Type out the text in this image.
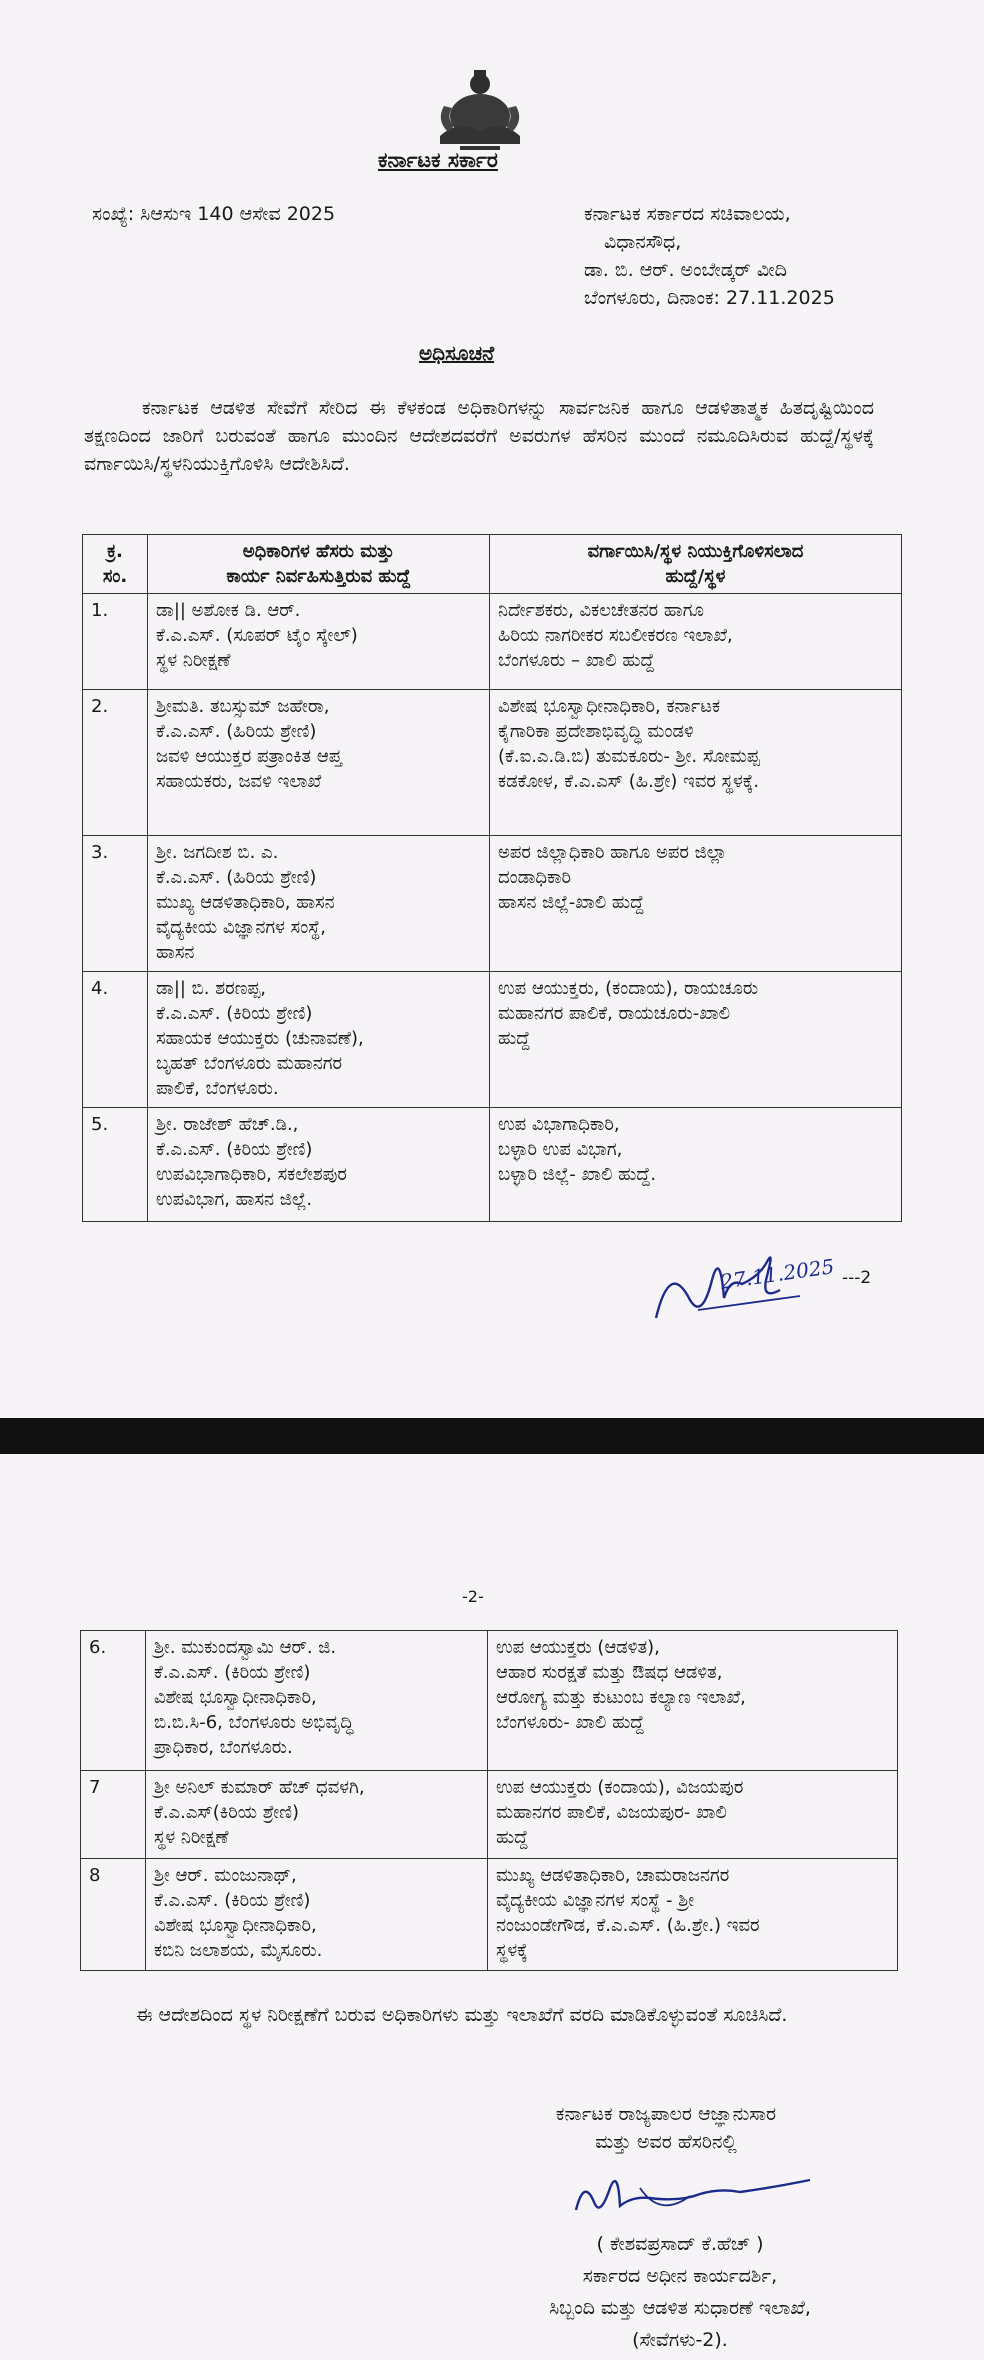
ಕರ್ನಾಟಕ ಸರ್ಕಾರ
ಸಂಖ್ಯೆ: ಸಿಆಸುಇ 140 ಆಸೇವ 2025	ಕರ್ನಾಟಕ ಸರ್ಕಾರದ ಸಚಿವಾಲಯ,
ವಿಧಾನಸೌಧ,
ಡಾ. ಬಿ. ಆರ್. ಅಂಬೇಡ್ಕರ್ ವೀದಿ
ಬೆಂಗಳೂರು, ದಿನಾಂಕ: 27.11.2025
ಅಧಿಸೂಚನೆ
ಕರ್ನಾಟಕ ಆಡಳಿತ ಸೇವೆಗೆ ಸೇರಿದ ಈ ಕೆಳಕಂಡ ಅಧಿಕಾರಿಗಳನ್ನು ಸಾರ್ವಜನಿಕ ಹಾಗೂ ಆಡಳಿತಾತ್ಮಕ ಹಿತದೃಷ್ಟಿಯಿಂದ ತಕ್ಷಣದಿಂದ ಜಾರಿಗೆ ಬರುವಂತೆ ಹಾಗೂ ಮುಂದಿನ ಆದೇಶದವರೆಗೆ ಅವರುಗಳ ಹೆಸರಿನ ಮುಂದೆ ನಮೂದಿಸಿರುವ ಹುದ್ದೆ/ಸ್ಥಳಕ್ಕೆ ವರ್ಗಾಯಿಸಿ/ಸ್ಥಳನಿಯುಕ್ತಿಗೊಳಿಸಿ ಆದೇಶಿಸಿದೆ.
ಕ್ರ.
ಸಂ.	ಅಧಿಕಾರಿಗಳ ಹೆಸರು ಮತ್ತು
ಕಾರ್ಯ ನಿರ್ವಹಿಸುತ್ತಿರುವ ಹುದ್ದೆ	ವರ್ಗಾಯಿಸಿ/ಸ್ಥಳ ನಿಯುಕ್ತಿಗೊಳಿಸಲಾದ
ಹುದ್ದೆ/ಸ್ಥಳ

1.	ಡಾ|| ಅಶೋಕ ಡಿ. ಆರ್.
ಕೆ.ಎ.ಎಸ್. (ಸೂಪರ್ ಟೈಂ ಸ್ಕೇಲ್)
ಸ್ಥಳ ನಿರೀಕ್ಷಣೆ	ನಿರ್ದೇಶಕರು, ವಿಕಲಚೇತನರ ಹಾಗೂ
ಹಿರಿಯ ನಾಗರೀಕರ ಸಬಲೀಕರಣ ಇಲಾಖೆ,
ಬೆಂಗಳೂರು – ಖಾಲಿ ಹುದ್ದೆ

2.	ಶ್ರೀಮತಿ. ತಬಸ್ಸುಮ್ ಜಹೇರಾ,
ಕೆ.ಎ.ಎಸ್. (ಹಿರಿಯ ಶ್ರೇಣಿ)
ಜವಳಿ ಆಯುಕ್ತರ ಪತ್ರಾಂಕಿತ ಆಪ್ತ
ಸಹಾಯಕರು, ಜವಳಿ ಇಲಾಖೆ	ವಿಶೇಷ ಭೂಸ್ವಾಧೀನಾಧಿಕಾರಿ, ಕರ್ನಾಟಕ
ಕೈಗಾರಿಕಾ ಪ್ರದೇಶಾಭಿವೃದ್ಧಿ ಮಂಡಳಿ
(ಕೆ.ಐ.ಎ.ಡಿ.ಬಿ) ತುಮಕೂರು- ಶ್ರೀ. ಸೋಮಪ್ಪ
ಕಡಕೋಳ, ಕೆ.ಎ.ಎಸ್ (ಹಿ.ಶ್ರೇ) ಇವರ ಸ್ಥಳಕ್ಕೆ.

3.	ಶ್ರೀ. ಜಗದೀಶ ಬಿ. ಎ.
ಕೆ.ಎ.ಎಸ್. (ಹಿರಿಯ ಶ್ರೇಣಿ)
ಮುಖ್ಯ ಆಡಳಿತಾಧಿಕಾರಿ, ಹಾಸನ
ವೈದ್ಯಕೀಯ ವಿಜ್ಞಾನಗಳ ಸಂಸ್ಥೆ,
ಹಾಸನ	ಅಪರ ಜಿಲ್ಲಾಧಿಕಾರಿ ಹಾಗೂ ಅಪರ ಜಿಲ್ಲಾ
ದಂಡಾಧಿಕಾರಿ
ಹಾಸನ ಜಿಲ್ಲೆ-ಖಾಲಿ ಹುದ್ದೆ

4.	ಡಾ|| ಬಿ. ಶರಣಪ್ಪ,
ಕೆ.ಎ.ಎಸ್. (ಕಿರಿಯ ಶ್ರೇಣಿ)
ಸಹಾಯಕ ಆಯುಕ್ತರು (ಚುನಾವಣೆ),
ಬೃಹತ್ ಬೆಂಗಳೂರು ಮಹಾನಗರ
ಪಾಲಿಕೆ, ಬೆಂಗಳೂರು.	ಉಪ ಆಯುಕ್ತರು, (ಕಂದಾಯ), ರಾಯಚೂರು
ಮಹಾನಗರ ಪಾಲಿಕೆ, ರಾಯಚೂರು-ಖಾಲಿ
ಹುದ್ದೆ

5.	ಶ್ರೀ. ರಾಜೇಶ್ ಹೆಚ್.ಡಿ.,
ಕೆ.ಎ.ಎಸ್. (ಕಿರಿಯ ಶ್ರೇಣಿ)
ಉಪವಿಭಾಗಾಧಿಕಾರಿ, ಸಕಲೇಶಪುರ
ಉಪವಿಭಾಗ, ಹಾಸನ ಜಿಲ್ಲೆ.	ಉಪ ವಿಭಾಗಾಧಿಕಾರಿ,
ಬಳ್ಳಾರಿ ಉಪ ವಿಭಾಗ,
ಬಳ್ಳಾರಿ ಜಿಲ್ಲೆ- ಖಾಲಿ ಹುದ್ದೆ.
27.11.2025 ---2
-2-
6.	ಶ್ರೀ. ಮುಕುಂದಸ್ವಾಮಿ ಆರ್. ಜಿ.
ಕೆ.ಎ.ಎಸ್. (ಕಿರಿಯ ಶ್ರೇಣಿ)
ವಿಶೇಷ ಭೂಸ್ವಾಧೀನಾಧಿಕಾರಿ,
ಬಿ.ಬಿ.ಸಿ-6, ಬೆಂಗಳೂರು ಅಭಿವೃದ್ಧಿ
ಪ್ರಾಧಿಕಾರ, ಬೆಂಗಳೂರು.	ಉಪ ಆಯುಕ್ತರು (ಆಡಳಿತ),
ಆಹಾರ ಸುರಕ್ಷತೆ ಮತ್ತು ಔಷಧ ಆಡಳಿತ,
ಆರೋಗ್ಯ ಮತ್ತು ಕುಟುಂಬ ಕಲ್ಯಾಣ ಇಲಾಖೆ,
ಬೆಂಗಳೂರು- ಖಾಲಿ ಹುದ್ದೆ

7	ಶ್ರೀ ಅನಿಲ್ ಕುಮಾರ್ ಹೆಚ್ ಧವಳಗಿ,
ಕೆ.ಎ.ಎಸ್(ಕಿರಿಯ ಶ್ರೇಣಿ)
ಸ್ಥಳ ನಿರೀಕ್ಷಣೆ	ಉಪ ಆಯುಕ್ತರು (ಕಂದಾಯ), ವಿಜಯಪುರ
ಮಹಾನಗರ ಪಾಲಿಕೆ, ವಿಜಯಪುರ- ಖಾಲಿ
ಹುದ್ದೆ

8	ಶ್ರೀ ಆರ್. ಮಂಜುನಾಥ್,
ಕೆ.ಎ.ಎಸ್. (ಕಿರಿಯ ಶ್ರೇಣಿ)
ವಿಶೇಷ ಭೂಸ್ವಾಧೀನಾಧಿಕಾರಿ,
ಕಬಿನಿ ಜಲಾಶಯ, ಮೈಸೂರು.	ಮುಖ್ಯ ಆಡಳಿತಾಧಿಕಾರಿ, ಚಾಮರಾಜನಗರ
ವೈದ್ಯಕೀಯ ವಿಜ್ಞಾನಗಳ ಸಂಸ್ಥೆ - ಶ್ರೀ
ನಂಜುಂಡೇಗೌಡ, ಕೆ.ಎ.ಎಸ್. (ಹಿ.ಶ್ರೇ.) ಇವರ
ಸ್ಥಳಕ್ಕೆ
ಈ ಆದೇಶದಿಂದ ಸ್ಥಳ ನಿರೀಕ್ಷಣೆಗೆ ಬರುವ ಅಧಿಕಾರಿಗಳು ಮತ್ತು ಇಲಾಖೆಗೆ ವರದಿ ಮಾಡಿಕೊಳ್ಳುವಂತೆ ಸೂಚಿಸಿದೆ.
ಕರ್ನಾಟಕ ರಾಜ್ಯಪಾಲರ ಆಜ್ಞಾನುಸಾರ
ಮತ್ತು ಅವರ ಹೆಸರಿನಲ್ಲಿ
( ಕೇಶವಪ್ರಸಾದ್ ಕೆ.ಹೆಚ್ )
ಸರ್ಕಾರದ ಅಧೀನ ಕಾರ್ಯದರ್ಶಿ,
ಸಿಬ್ಬಂದಿ ಮತ್ತು ಆಡಳಿತ ಸುಧಾರಣೆ ಇಲಾಖೆ,
(ಸೇವೆಗಳು-2).
